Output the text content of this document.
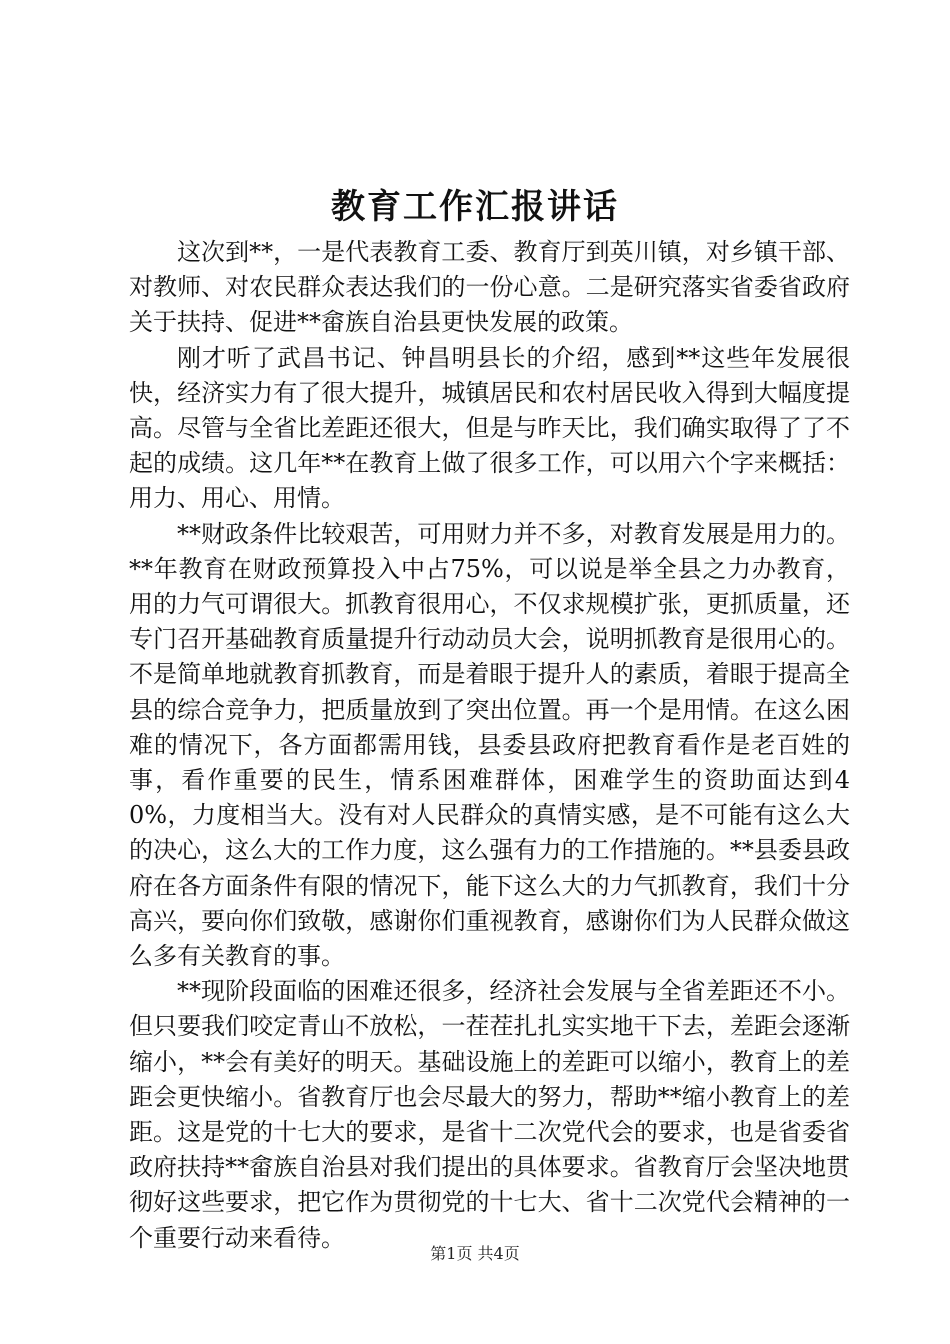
教育工作汇报讲话

这次到**，一是代表教育工委、教育厅到英川镇，对乡镇干部、对教师、对农民群众表达我们的一份心意。二是研究落实省委省政府关于扶持、促进**畲族自治县更快发展的政策。

刚才听了武昌书记、钟昌明县长的介绍，感到**这些年发展很快，经济实力有了很大提升，城镇居民和农村居民收入得到大幅度提高。尽管与全省比差距还很大，但是与昨天比，我们确实取得了了不起的成绩。这几年**在教育上做了很多工作，可以用六个字来概括：用力、用心、用情。

**财政条件比较艰苦，可用财力并不多，对教育发展是用力的。**年教育在财政预算投入中占75%，可以说是举全县之力办教育，用的力气可谓很大。抓教育很用心，不仅求规模扩张，更抓质量，还专门召开基础教育质量提升行动动员大会，说明抓教育是很用心的。不是简单地就教育抓教育，而是着眼于提升人的素质，着眼于提高全县的综合竞争力，把质量放到了突出位置。再一个是用情。在这么困难的情况下，各方面都需用钱，县委县政府把教育看作是老百姓的事，看作重要的民生，情系困难群体，困难学生的资助面达到40%，力度相当大。没有对人民群众的真情实感，是不可能有这么大的决心，这么大的工作力度，这么强有力的工作措施的。**县委县政府在各方面条件有限的情况下，能下这么大的力气抓教育，我们十分高兴，要向你们致敬，感谢你们重视教育，感谢你们为人民群众做这么多有关教育的事。

**现阶段面临的困难还很多，经济社会发展与全省差距还不小。但只要我们咬定青山不放松，一茬茬扎扎实实地干下去，差距会逐渐缩小，**会有美好的明天。基础设施上的差距可以缩小，教育上的差距会更快缩小。省教育厅也会尽最大的努力，帮助**缩小教育上的差距。这是党的十七大的要求，是省十二次党代会的要求，也是省委省政府扶持**畲族自治县对我们提出的具体要求。省教育厅会坚决地贯彻好这些要求，把它作为贯彻党的十七大、省十二次党代会精神的一个重要行动来看待。

第1页 共4页
